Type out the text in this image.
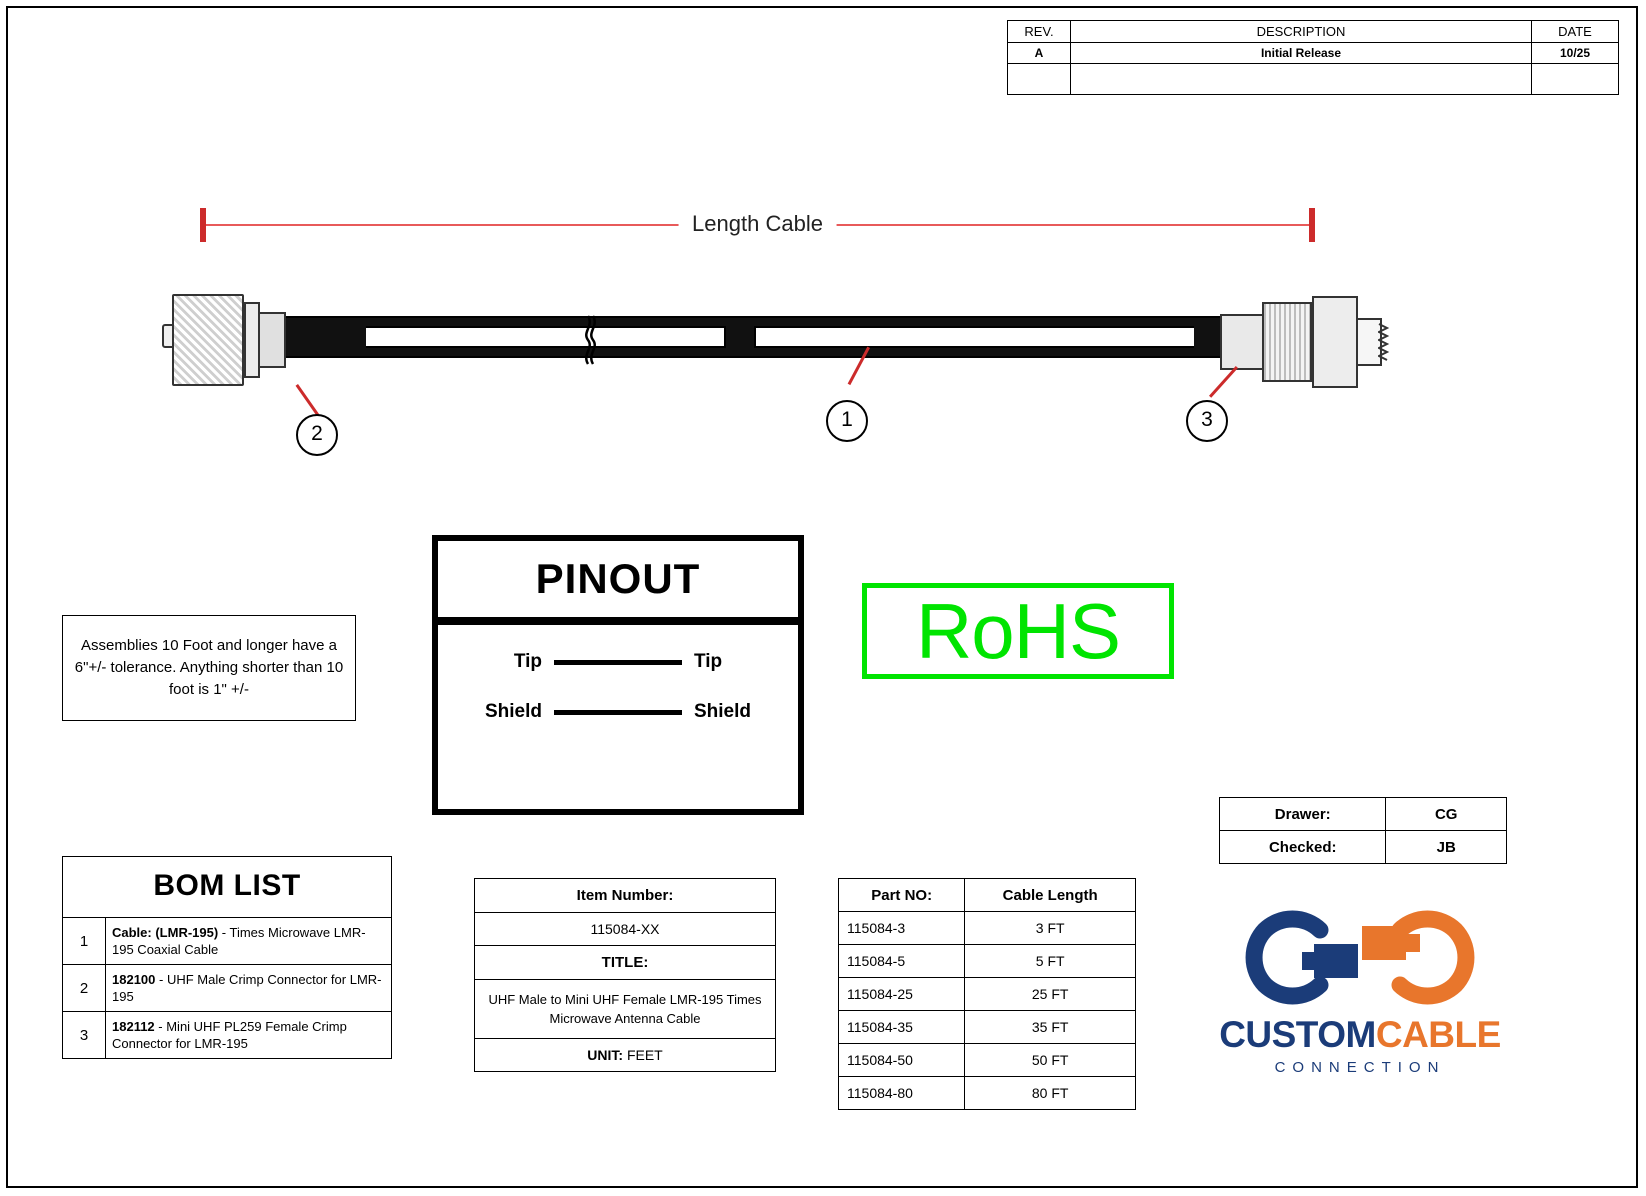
REV.	DESCRIPTION	DATE
A	Initial Release	10/25

Length Cable
2
1	3
Assemblies 10 Foot and longer have a 6"+/- tolerance. Anything shorter than 10 foot is 1" +/-
PINOUT
Tip	Tip
Shield	Shield
RoHS
Drawer:	CG
Checked:	JB
BOM LIST	
1	Cable: (LMR-195) - Times Microwave LMR-195 Coaxial Cable
2	182100 - UHF Male Crimp Connector for LMR-195
3	182112 - Mini UHF PL259 Female Crimp Connector for LMR-195
Item Number:
115084-XX
TITLE:
UHF Male to Mini UHF Female LMR-195 Times Microwave Antenna Cable
UNIT: FEET
Part NO:	Cable Length
115084-3	3 FT
115084-5	5 FT
115084-25	25 FT
115084-35	35 FT
115084-50	50 FT
115084-80	80 FT
CUSTOMCABLE
CONNECTION
